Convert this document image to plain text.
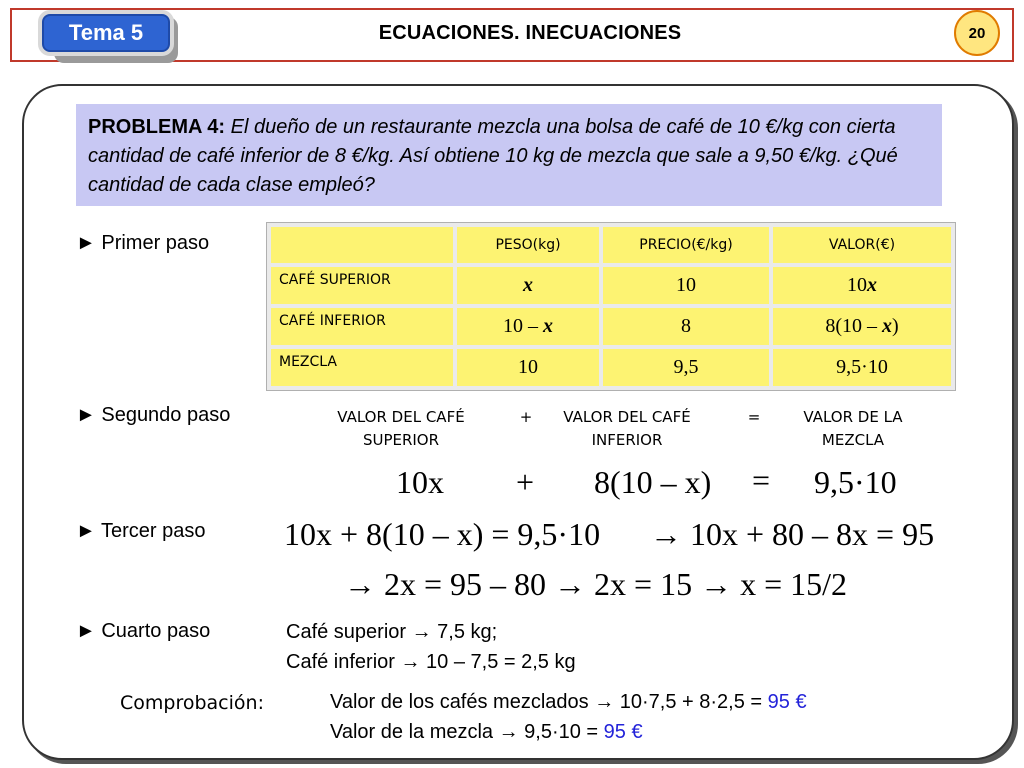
Tema 5	ECUACIONES. INECUACIONES	20
PROBLEMA 4: El dueño de un restaurante mezcla una bolsa de café de 10 €/kg con cierta cantidad de café inferior de 8 €/kg. Así obtiene 10 kg de mezcla que sale a 9,50 €/kg. ¿Qué cantidad de cada clase empleó?
► Primer paso
		PESO(kg)	PRECIO(€/kg)	VALOR(€)
CAFÉ SUPERIOR	x	10	10x
CAFÉ INFERIOR	10 – x	8	8(10 – x)
MEZCLA	10	9,5	9,5·10
► Segundo paso	VALOR DEL CAFÉ
SUPERIOR
+	VALOR DEL CAFÉ
INFERIOR
=	VALOR DE LA
MEZCLA
10x + 8(10 – x) = 9,5·10
► Tercer paso 10x + 8(10 – x) = 9,5·10 → 10x + 80 – 8x = 95
→ 2x = 95 – 80 → 2x = 15 → x = 15/2
► Cuarto paso	Café superior → 7,5 kg;
Café inferior → 10 – 7,5 = 2,5 kg
Comprobación:	Valor de los cafés mezclados → 10·7,5 + 8·2,5 = 95 €
Valor de la mezcla → 9,5·10 = 95 €
